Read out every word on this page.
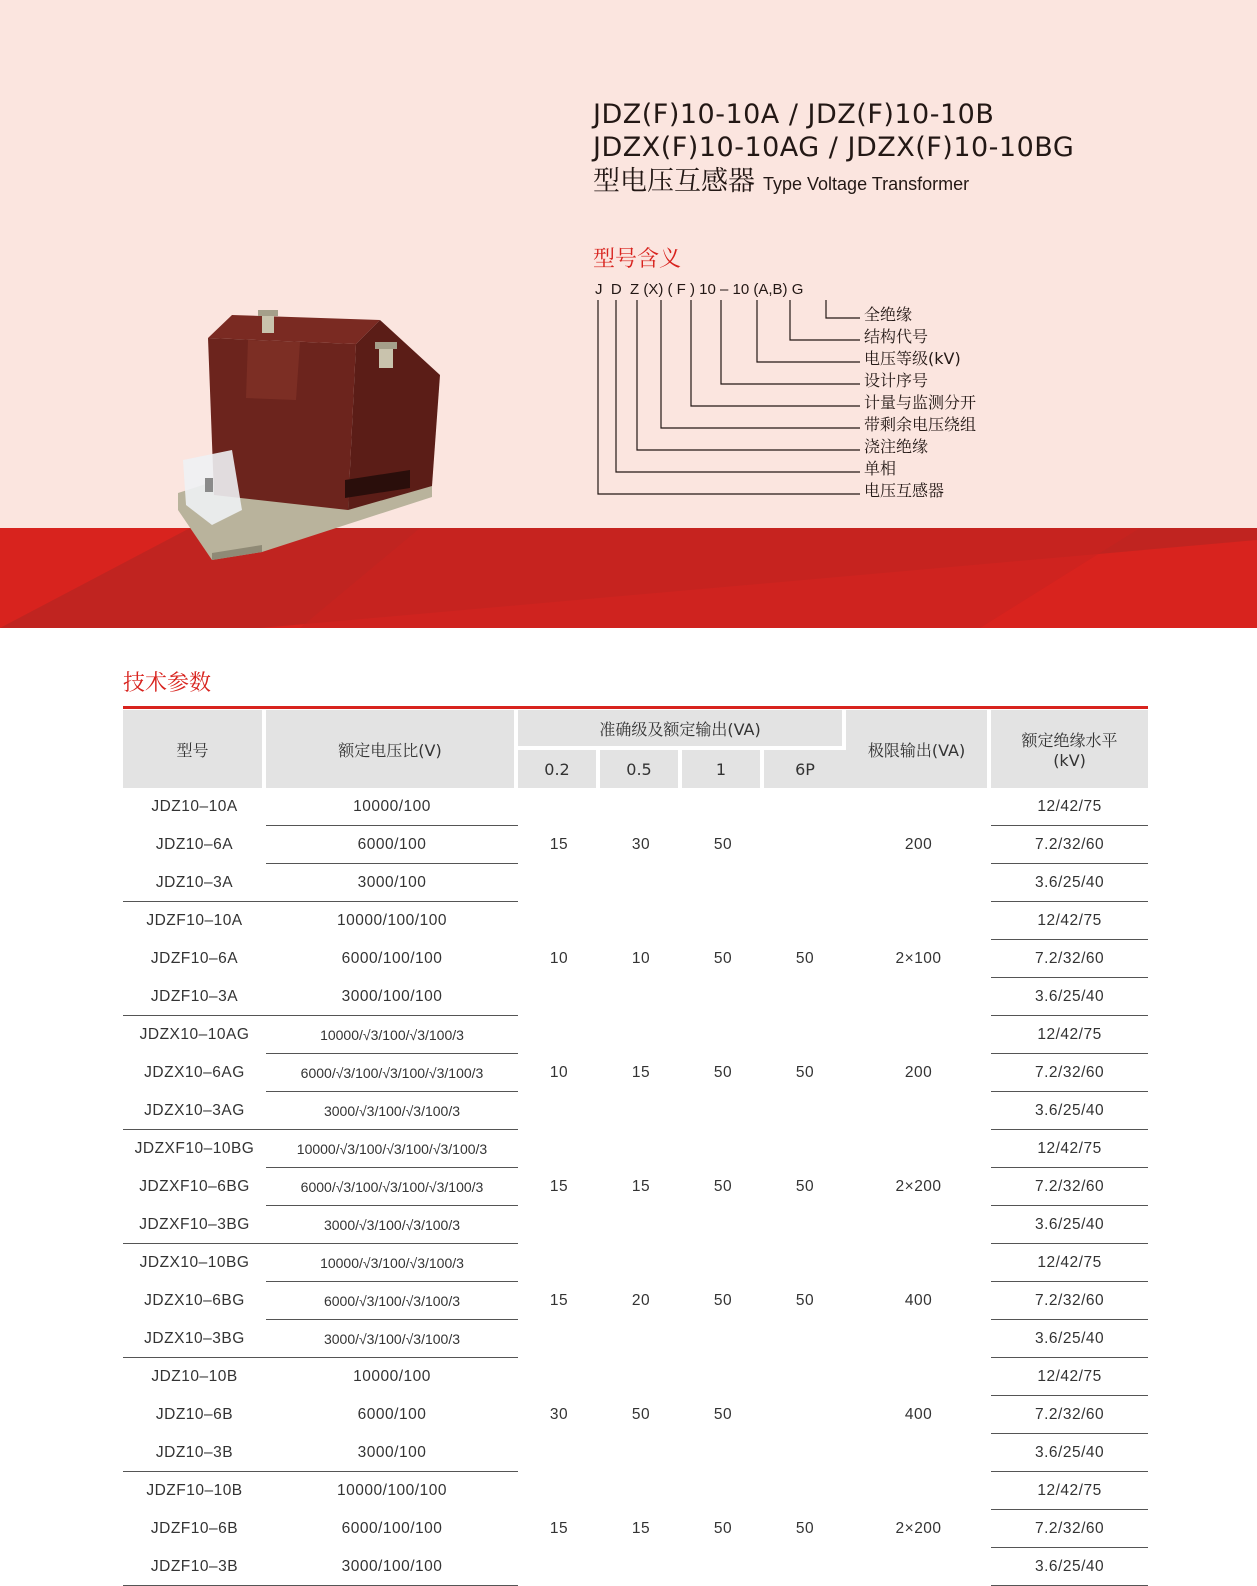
JDZ(F)10-10A / JDZ(F)10-10B
JDZX(F)10-10AG / JDZX(F)10-10BG
型电压互感器 Type Voltage Transformer
型号含义
J  D  Z (X) ( F ) 10 – 10 (A,B) G
全绝缘
结构代号
电压等级(kV)
设计序号
计量与监测分开
带剩余电压绕组
浇注绝缘
单相
电压互感器
技术参数
型号	额定电压比(V)	准确级及额定输出(VA)				极限输出(VA)	额定绝缘水平
(kV)

		0.2	0.5	1	6P		
JDZ10–10A	10000/100	15	30	50		200	12/42/75
JDZ10–6A	6000/100						7.2/32/60
JDZ10–3A	3000/100						3.6/25/40
JDZF10–10A	10000/100/100	10	10	50	50	2×100	12/42/75
JDZF10–6A	6000/100/100						7.2/32/60
JDZF10–3A	3000/100/100						3.6/25/40
JDZX10–10AG	10000/√3/100/√3/100/3	10	15	50	50	200	12/42/75
JDZX10–6AG	6000/√3/100/√3/100/√3/100/3						7.2/32/60
JDZX10–3AG	3000/√3/100/√3/100/3						3.6/25/40
JDZXF10–10BG	10000/√3/100/√3/100/√3/100/3	15	15	50	50	2×200	12/42/75
JDZXF10–6BG	6000/√3/100/√3/100/√3/100/3						7.2/32/60
JDZXF10–3BG	3000/√3/100/√3/100/3						3.6/25/40
JDZX10–10BG	10000/√3/100/√3/100/3	15	20	50	50	400	12/42/75
JDZX10–6BG	6000/√3/100/√3/100/3						7.2/32/60
JDZX10–3BG	3000/√3/100/√3/100/3						3.6/25/40
JDZ10–10B	10000/100	30	50	50		400	12/42/75
JDZ10–6B	6000/100						7.2/32/60
JDZ10–3B	3000/100						3.6/25/40
JDZF10–10B	10000/100/100	15	15	50	50	2×200	12/42/75
JDZF10–6B	6000/100/100						7.2/32/60
JDZF10–3B	3000/100/100						3.6/25/40
